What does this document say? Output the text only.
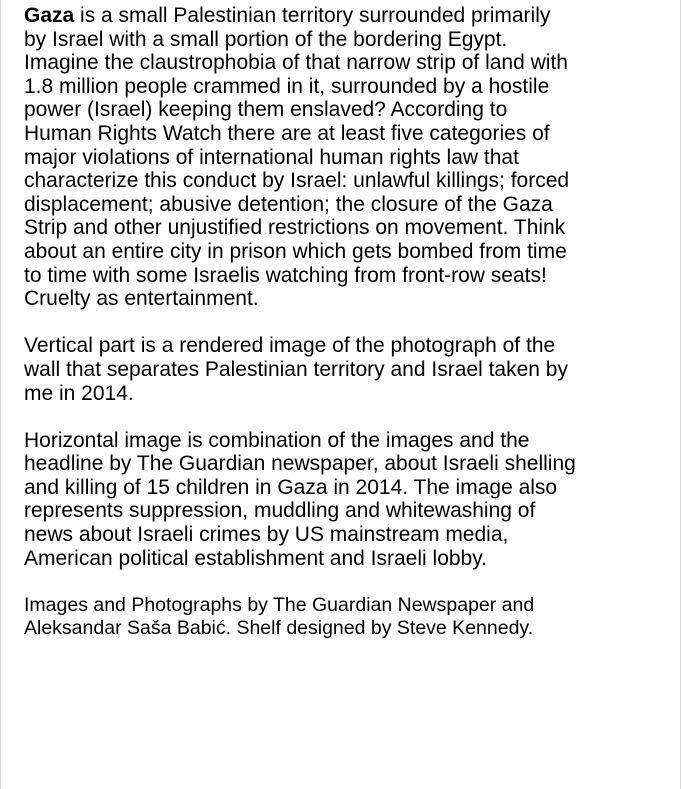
Gaza is a small Palestinian territory surrounded primarily
by Israel with a small portion of the bordering Egypt.
Imagine the claustrophobia of that narrow strip of land with
1.8 million people crammed in it, surrounded by a hostile
power (Israel) keeping them enslaved? According to
Human Rights Watch there are at least five categories of
major violations of international human rights law that
characterize this conduct by Israel: unlawful killings; forced
displacement; abusive detention; the closure of the Gaza
Strip and other unjustified restrictions on movement. Think
about an entire city in prison which gets bombed from time
to time with some Israelis watching from front-row seats!
Cruelty as entertainment.

Vertical part is a rendered image of the photograph of the
wall that separates Palestinian territory and Israel taken by
me in 2014.

Horizontal image is combination of the images and the
headline by The Guardian newspaper, about Israeli shelling
and killing of 15 children in Gaza in 2014. The image also
represents suppression, muddling and whitewashing of
news about Israeli crimes by US mainstream media,
American political establishment and Israeli lobby.

Images and Photographs by The Guardian Newspaper and
Aleksandar Saša Babić. Shelf designed by Steve Kennedy.
